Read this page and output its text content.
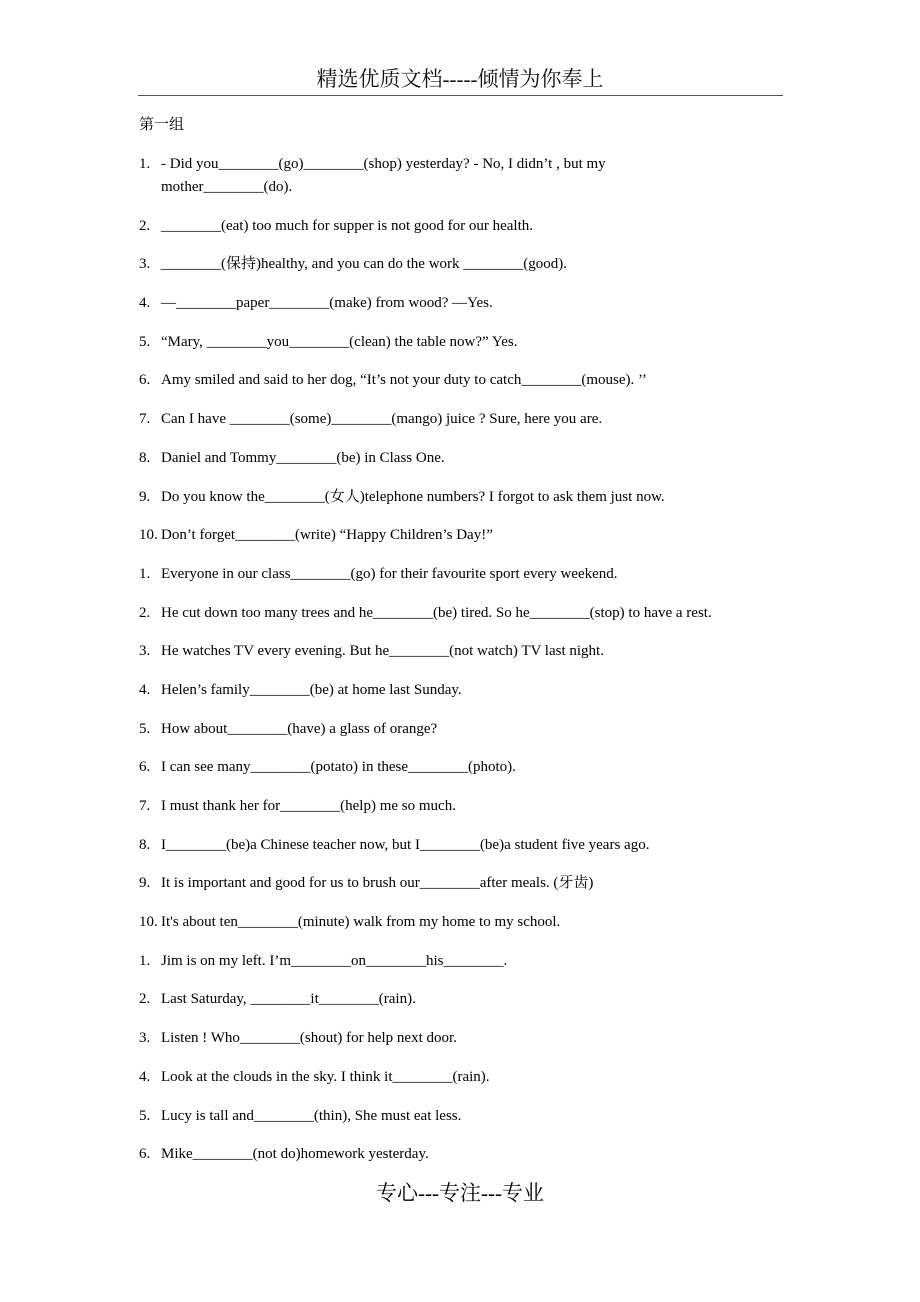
精选优质文档-----倾情为你奉上
第一组
1. - Did you________(go)________(shop) yesterday? - No, I didn’t , but my mother________(do).
2. ________(eat) too much for supper is not good for our health.
3. ________(保持)healthy, and you can do the work ________(good).
4. —________paper________(make) from wood? —Yes.
5. “Mary, ________you________(clean) the table now?” Yes.
6. Amy smiled and said to her dog, “It’s not your duty to catch________(mouse). ’’
7. Can I have ________(some)________(mango) juice ? Sure, here you are.
8. Daniel and Tommy________(be) in Class One.
9. Do you know the________(女人)telephone numbers? I forgot to ask them just now.
10. Don’t forget________(write) “Happy Children’s Day!”
1. Everyone in our class________(go) for their favourite sport every weekend.
2. He cut down too many trees and he________(be) tired. So he________(stop) to have a rest.
3. He watches TV every evening. But he________(not watch) TV last night.
4. Helen’s family________(be) at home last Sunday.
5. How about________(have) a glass of orange?
6. I can see many________(potato) in these________(photo).
7. I must thank her for________(help) me so much.
8. I________(be)a Chinese teacher now, but I________(be)a student five years ago.
9. It is important and good for us to brush our________after meals. (牙齿)
10. It's about ten________(minute) walk from my home to my school.
1. Jim is on my left. I’m________on________his________.
2. Last Saturday, ________it________(rain).
3. Listen ! Who________(shout) for help next door.
4. Look at the clouds in the sky. I think it________(rain).
5. Lucy is tall and________(thin), She must eat less.
6. Mike________(not do)homework yesterday.
专心---专注---专业
